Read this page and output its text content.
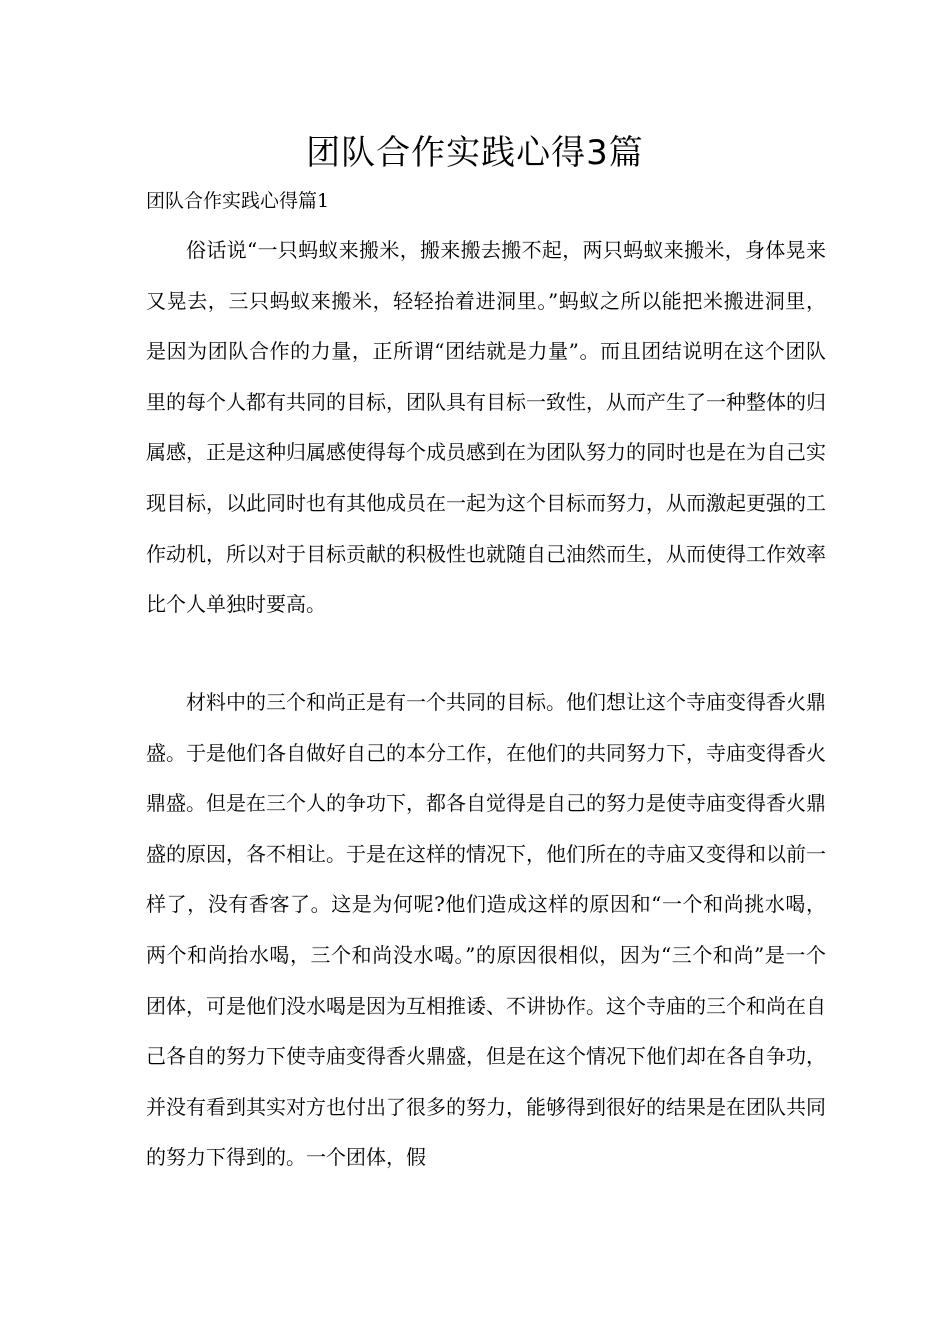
团队合作实践心得3篇

团队合作实践心得篇1

俗话说“一只蚂蚁来搬米，搬来搬去搬不起，两只蚂蚁来搬米，身体晃来又晃去，三只蚂蚁来搬米，轻轻抬着进洞里。”蚂蚁之所以能把米搬进洞里，是因为团队合作的力量，正所谓“团结就是力量”。而且团结说明在这个团队里的每个人都有共同的目标，团队具有目标一致性，从而产生了一种整体的归属感，正是这种归属感使得每个成员感到在为团队努力的同时也是在为自己实现目标，以此同时也有其他成员在一起为这个目标而努力，从而激起更强的工作动机，所以对于目标贡献的积极性也就随自己油然而生，从而使得工作效率比个人单独时要高。

材料中的三个和尚正是有一个共同的目标。他们想让这个寺庙变得香火鼎盛。于是他们各自做好自己的本分工作，在他们的共同努力下，寺庙变得香火鼎盛。但是在三个人的争功下，都各自觉得是自己的努力是使寺庙变得香火鼎盛的原因，各不相让。于是在这样的情况下，他们所在的寺庙又变得和以前一样了，没有香客了。这是为何呢?他们造成这样的原因和“一个和尚挑水喝，两个和尚抬水喝，三个和尚没水喝。”的原因很相似，因为“三个和尚”是一个团体，可是他们没水喝是因为互相推诿、不讲协作。这个寺庙的三个和尚在自己各自的努力下使寺庙变得香火鼎盛，但是在这个情况下他们却在各自争功，并没有看到其实对方也付出了很多的努力，能够得到很好的结果是在团队共同的努力下得到的。一个团体，假
